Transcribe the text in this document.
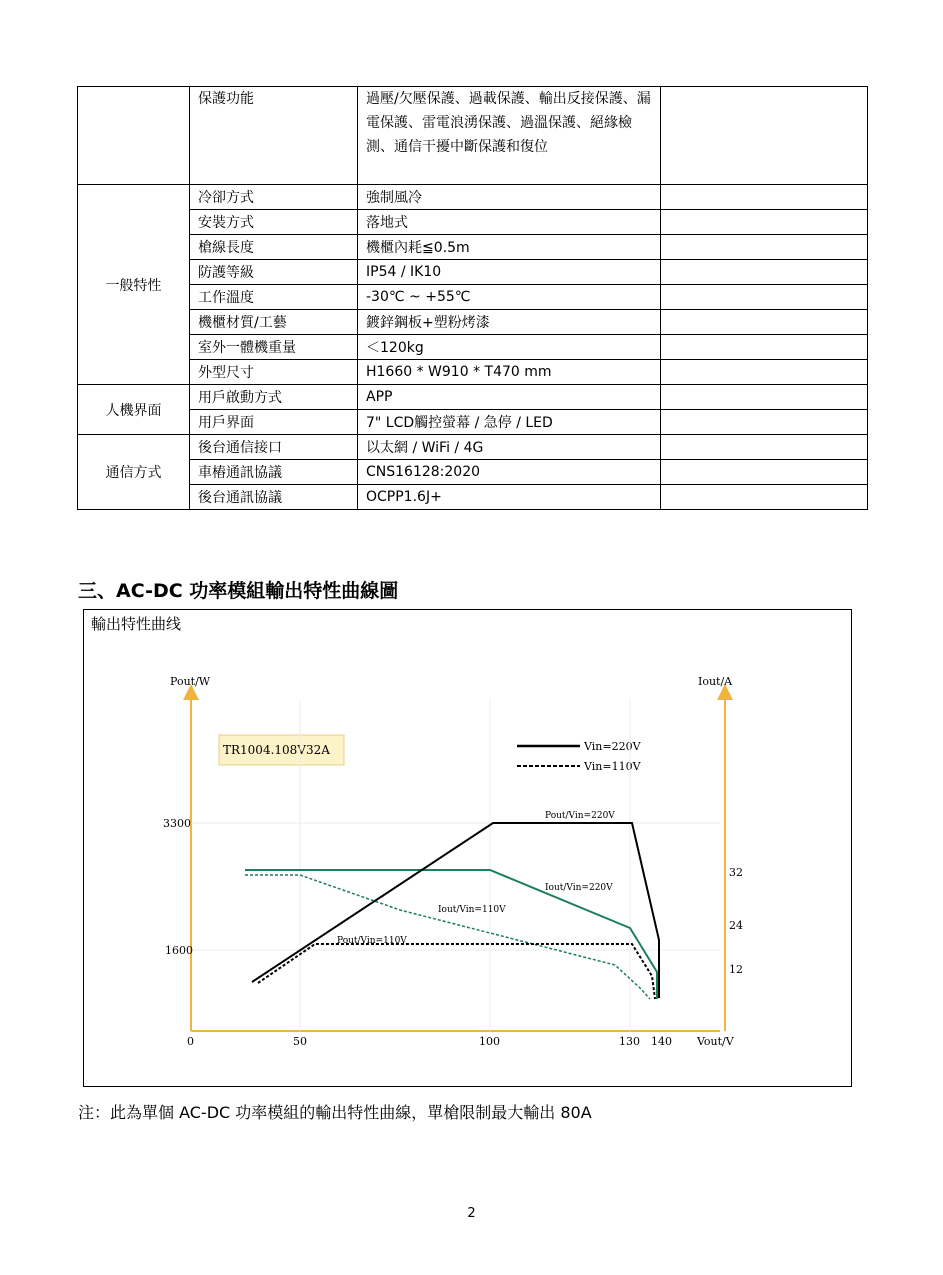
	保護功能	過壓/欠壓保護、過載保護、輸出反接保護、漏電保護、雷電浪湧保護、過溫保護、絕緣檢測、通信干擾中斷保護和復位	
一般特性	冷卻方式	強制風冷	
	安裝方式	落地式	
	槍線長度	機櫃內耗≦0.5m	
	防護等級	IP54 / IK10	
	工作溫度	-30℃ ~ +55℃	
	機櫃材質/工藝	鍍鋅鋼板+塑粉烤漆	
	室外一體機重量	＜120kg	
	外型尺寸	H1660 * W910 * T470 mm	
人機界面	用戶啟動方式	APP	
	用戶界面	7" LCD觸控螢幕 / 急停 / LED	
通信方式	後台通信接口	以太網 / WiFi / 4G	
	車樁通訊協議	CNS16128:2020	
	後台通訊協議	OCPP1.6J+	
三、AC-DC 功率模組輸出特性曲線圖
輸出特性曲线
Pout/W	Iout/A
Vout/V
TR1004.108V32A	Vin=220V
Vin=110V
0	50	100	130 140
1600
3300
12
24
32
Pout/Vin=220V
Iout/Vin=220V
Iout/Vin=110V
Pout/Vin=110V
注：此為單個 AC-DC 功率模組的輸出特性曲線，單槍限制最大輸出 80A
2
